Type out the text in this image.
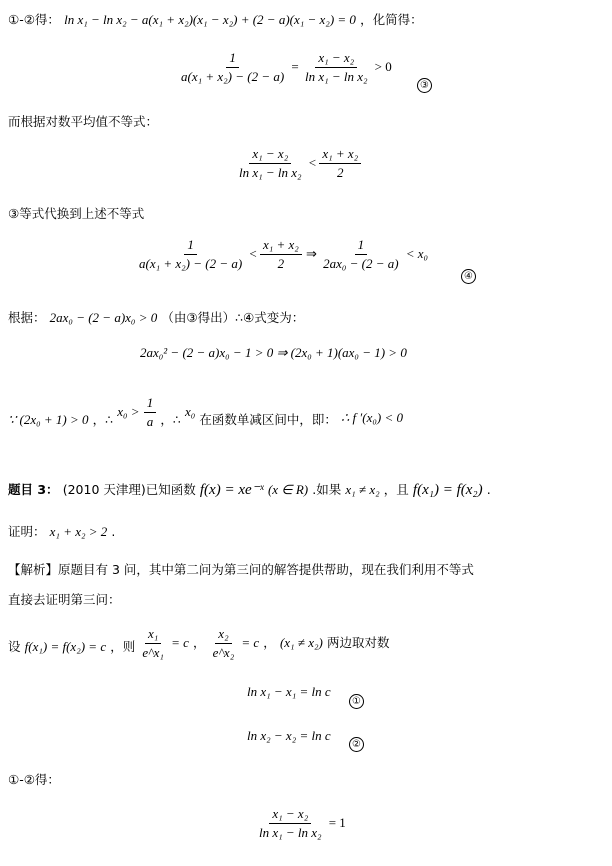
①-②得： ln x₁ − ln x₂ − a(x₁ + x₂)(x₁ − x₂) + (2 − a)(x₁ − x₂) = 0 ，化简得：
$\frac{1}{\text{a(x₁ + x₂) − (2 − a)}} = \frac{\text{x₁ − x₂}}{\text{ln x₁ − ln x₂}} > 0$
③
而根据对数平均值不等式：
$\frac{\text{x₁ − x₂}}{\text{ln x₁ − ln x₂}} < \frac{\text{x₁ + x₂}}{2}$
③等式代换到上述不等式
$\frac{1}{\text{a(x₁ + x₂) − (2 − a)}} < \frac{\text{x₁ + x₂}}{2}$ ⇒ $\frac{1}{\text{2ax₀ − (2 − a)}} < x_0$
④
根据： 2ax₀ − (2 − a)x₀ > 0 （由③得出）∴④式变为：
2ax₀² − (2 − a)x₀ − 1 > 0 ⇒ (2x₀ + 1)(ax₀ − 1) > 0
∵ (2x₀ + 1) > 0 ，∴ $x_0 > \frac{1}{a}$ ，∴ x₀ 在函数单减区间中，即： ∴ f ′(x₀) < 0
题目 3： (2010 天津理)已知函数 f(x) = xe⁻ˣ (x ∈ R) .如果 x₁ ≠ x₂ ，且 f(x₁) = f(x₂) .
证明： x₁ + x₂ > 2 .
【解析】原题目有 3 问，其中第二问为第三问的解答提供帮助，现在我们利用不等式
直接去证明第三问：
设 f(x₁) = f(x₂) = c ，则 $\frac{\text{x₁}}{\text{e\textasciicircum{}x₁}} = c$ ， $\frac{\text{x₂}}{\text{e\textasciicircum{}x₂}} = c$ ， (x₁ ≠ x₂) 两边取对数
ln x₁ − x₁ = ln c
①
ln x₂ − x₂ = ln c
②
①-②得：
$\frac{\text{x₁ − x₂}}{\text{ln x₁ − ln x₂}} = 1$
